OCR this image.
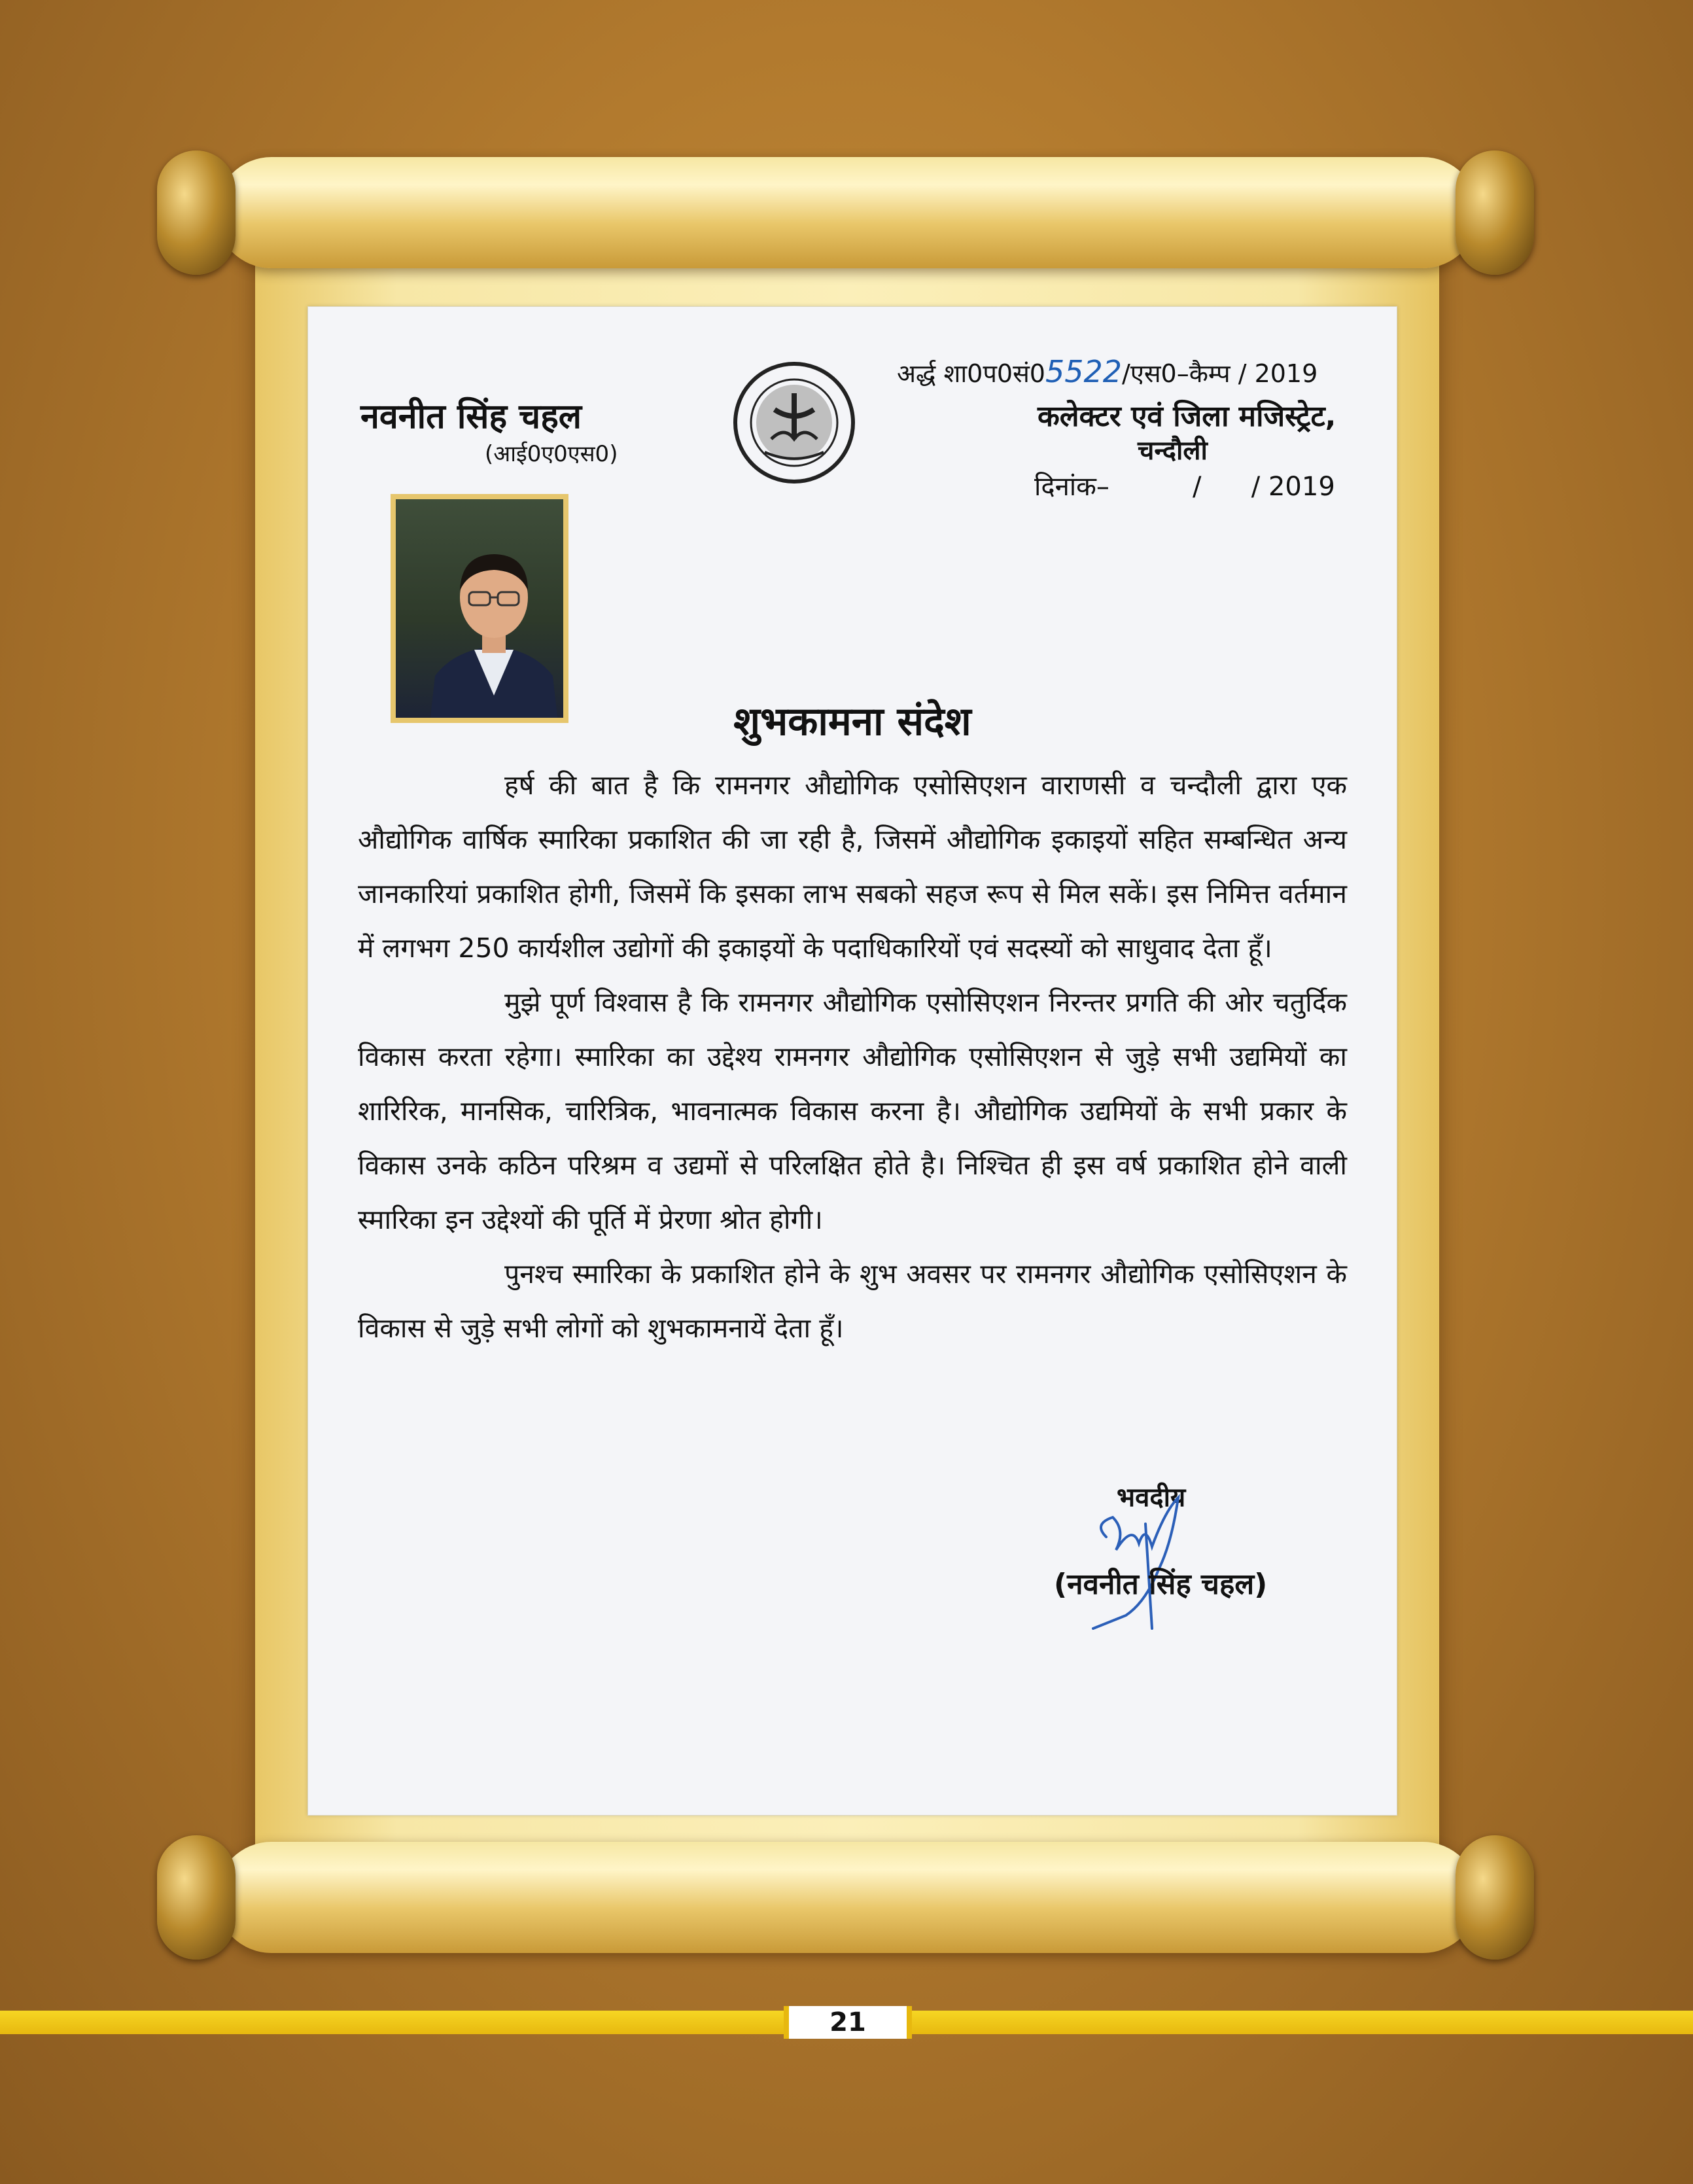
नवनीत सिंह चहल
(आई0ए0एस0)
अर्द्ध शा0प0सं05522/एस0–कैम्प / 2019
कलेक्टर एवं जिला मजिस्ट्रेट,
चन्दौली
दिनांक–          /      / 2019
शुभकामना संदेश

हर्ष की बात है कि रामनगर औद्योगिक एसोसिएशन वाराणसी व चन्दौली द्वारा एक औद्योगिक वार्षिक स्मारिका प्रकाशित की जा रही है, जिसमें औद्योगिक इकाइयों सहित सम्बन्धित अन्य जानकारियां प्रकाशित होगी, जिसमें कि इसका लाभ सबको सहज रूप से मिल सकें। इस निमित्त वर्तमान में लगभग 250 कार्यशील उद्योगों की इकाइयों के पदाधिकारियों एवं सदस्यों को साधुवाद देता हूँ।

मुझे पूर्ण विश्वास है कि रामनगर औद्योगिक एसोसिएशन निरन्तर प्रगति की ओर चतुर्दिक विकास करता रहेगा। स्मारिका का उद्देश्य रामनगर औद्योगिक एसोसिएशन से जुड़े सभी उद्यमियों का शारिरिक, मानसिक, चारित्रिक, भावनात्मक विकास करना है। औद्योगिक उद्यमियों के सभी प्रकार के विकास उनके कठिन परिश्रम व उद्यमों से परिलक्षित होते है। निश्चित ही इस वर्ष प्रकाशित होने वाली स्मारिका इन उद्देश्यों की पूर्ति में प्रेरणा श्रोत होगी।

पुनश्च स्मारिका के प्रकाशित होने के शुभ अवसर पर रामनगर औद्योगिक एसोसिएशन के विकास से जुड़े सभी लोगों को शुभकामनायें देता हूँ।

भवदीय
(नवनीत सिंह चहल)
21
